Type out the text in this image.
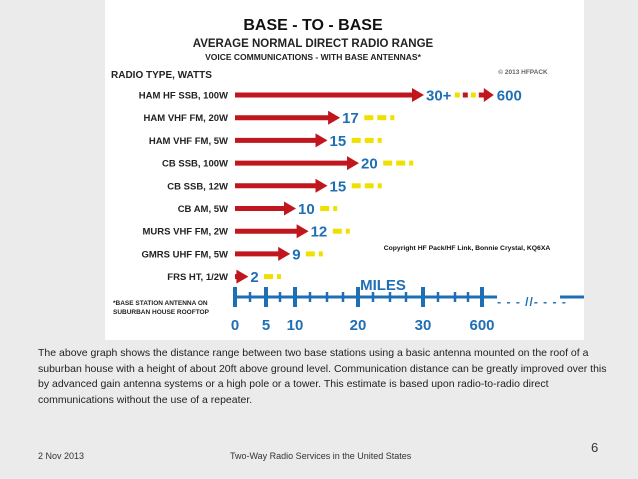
BASE - TO - BASE
AVERAGE NORMAL DIRECT RADIO RANGE
VOICE COMMUNICATIONS - WITH BASE ANTENNAS*
© 2013 HFPACK
RADIO TYPE, WATTS
HAM HF SSB, 100W	30+	600
HAM VHF FM, 20W	17
HAM VHF FM, 5W	15
CB SSB, 100W	20
CB SSB, 12W	15
CB AM, 5W	10
MURS VHF FM, 2W	12
GMRS UHF FM, 5W	9
FRS HT, 1/2W 2
Copyright HF Pack/HF Link, Bonnie Crystal, KQ6XA
MILES
0 5 10	20	30	600
- - - //- - - -
*BASE STATION ANTENNA ON SUBURBAN HOUSE ROOFTOP

The above graph shows the distance range between two base stations using a basic antenna mounted on the roof of a suburban house with a height of about 20ft above ground level. Communication distance can be greatly improved over this by advanced gain antenna systems or a high pole or a tower. This estimate is based upon radio-to-radio direct communications without the use of a repeater.

2 Nov 2013	Two-Way Radio Services in the United States
6
